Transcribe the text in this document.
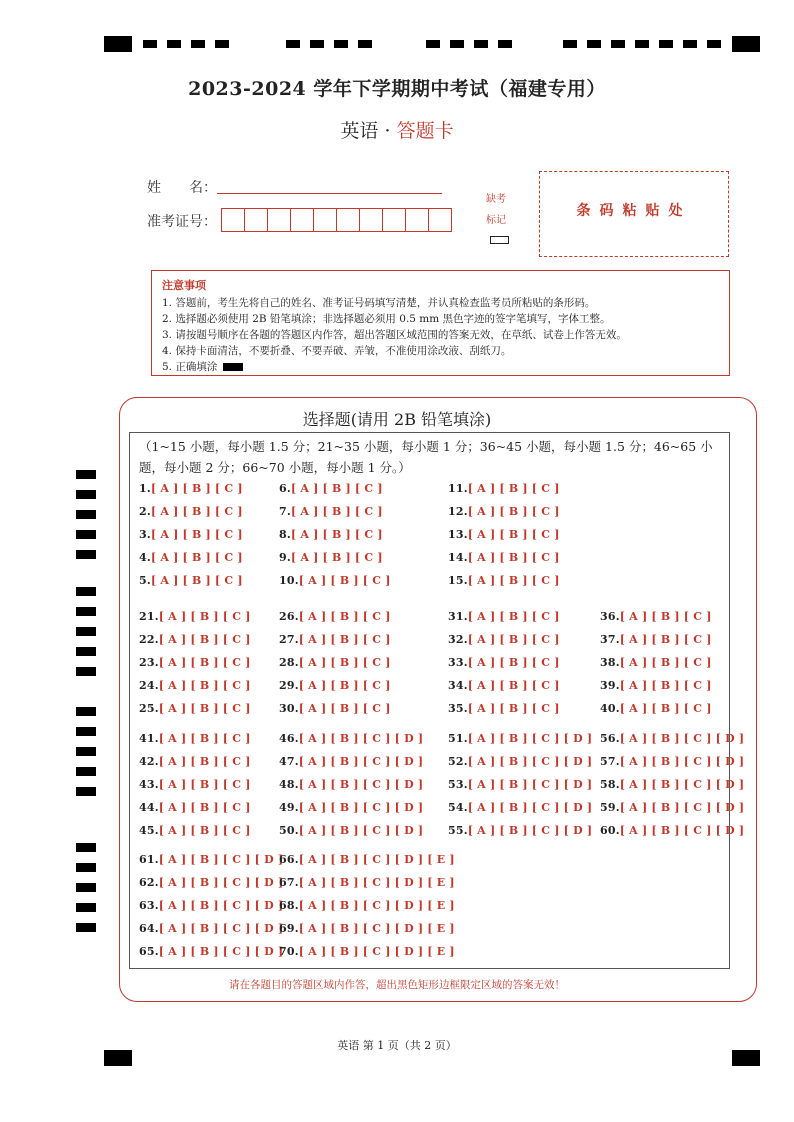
2023-2024 学年下学期期中考试（福建专用）
英语 · 答题卡
姓　　名：
准考证号：
缺考
标记
条码粘贴处
注意事项
1. 答题前，考生先将自己的姓名、准考证号码填写清楚，并认真检查监考员所粘贴的条形码。
2. 选择题必须使用 2B 铅笔填涂；非选择题必须用 0.5 mm 黑色字迹的签字笔填写，字体工整。
3. 请按题号顺序在各题的答题区内作答，超出答题区域范围的答案无效，在草纸、试卷上作答无效。
4. 保持卡面清洁，不要折叠、不要弄破、弄皱，不准使用涂改液、刮纸刀。
5. 正确填涂
选择题(请用 2B 铅笔填涂)
（1~15 小题，每小题 1.5 分；21~35 小题，每小题 1 分；36~45 小题，每小题 1.5 分；46~65 小题，每小题 2 分；66~70 小题，每小题 1 分。）
1.[ A ] [ B ] [ C ]
2.[ A ] [ B ] [ C ]
3.[ A ] [ B ] [ C ]
4.[ A ] [ B ] [ C ]
5.[ A ] [ B ] [ C ]
6.[ A ] [ B ] [ C ]
7.[ A ] [ B ] [ C ]
8.[ A ] [ B ] [ C ]
9.[ A ] [ B ] [ C ]
10.[ A ] [ B ] [ C ]
11.[ A ] [ B ] [ C ]
12.[ A ] [ B ] [ C ]
13.[ A ] [ B ] [ C ]
14.[ A ] [ B ] [ C ]
15.[ A ] [ B ] [ C ]
21.[ A ] [ B ] [ C ]
22.[ A ] [ B ] [ C ]
23.[ A ] [ B ] [ C ]
24.[ A ] [ B ] [ C ]
25.[ A ] [ B ] [ C ]
26.[ A ] [ B ] [ C ]
27.[ A ] [ B ] [ C ]
28.[ A ] [ B ] [ C ]
29.[ A ] [ B ] [ C ]
30.[ A ] [ B ] [ C ]
31.[ A ] [ B ] [ C ]
32.[ A ] [ B ] [ C ]
33.[ A ] [ B ] [ C ]
34.[ A ] [ B ] [ C ]
35.[ A ] [ B ] [ C ]
36.[ A ] [ B ] [ C ]
37.[ A ] [ B ] [ C ]
38.[ A ] [ B ] [ C ]
39.[ A ] [ B ] [ C ]
40.[ A ] [ B ] [ C ]
41.[ A ] [ B ] [ C ]
42.[ A ] [ B ] [ C ]
43.[ A ] [ B ] [ C ]
44.[ A ] [ B ] [ C ]
45.[ A ] [ B ] [ C ]
46.[ A ] [ B ] [ C ] [ D ]
47.[ A ] [ B ] [ C ] [ D ]
48.[ A ] [ B ] [ C ] [ D ]
49.[ A ] [ B ] [ C ] [ D ]
50.[ A ] [ B ] [ C ] [ D ]
51.[ A ] [ B ] [ C ] [ D ]
52.[ A ] [ B ] [ C ] [ D ]
53.[ A ] [ B ] [ C ] [ D ]
54.[ A ] [ B ] [ C ] [ D ]
55.[ A ] [ B ] [ C ] [ D ]
56.[ A ] [ B ] [ C ] [ D ]
57.[ A ] [ B ] [ C ] [ D ]
58.[ A ] [ B ] [ C ] [ D ]
59.[ A ] [ B ] [ C ] [ D ]
60.[ A ] [ B ] [ C ] [ D ]
61.[ A ] [ B ] [ C ] [ D ]
62.[ A ] [ B ] [ C ] [ D ]
63.[ A ] [ B ] [ C ] [ D ]
64.[ A ] [ B ] [ C ] [ D ]
65.[ A ] [ B ] [ C ] [ D ]
66.[ A ] [ B ] [ C ] [ D ] [ E ]
67.[ A ] [ B ] [ C ] [ D ] [ E ]
68.[ A ] [ B ] [ C ] [ D ] [ E ]
69.[ A ] [ B ] [ C ] [ D ] [ E ]
70.[ A ] [ B ] [ C ] [ D ] [ E ]
请在各题目的答题区域内作答，超出黑色矩形边框限定区域的答案无效！
英语 第 1 页（共 2 页）
